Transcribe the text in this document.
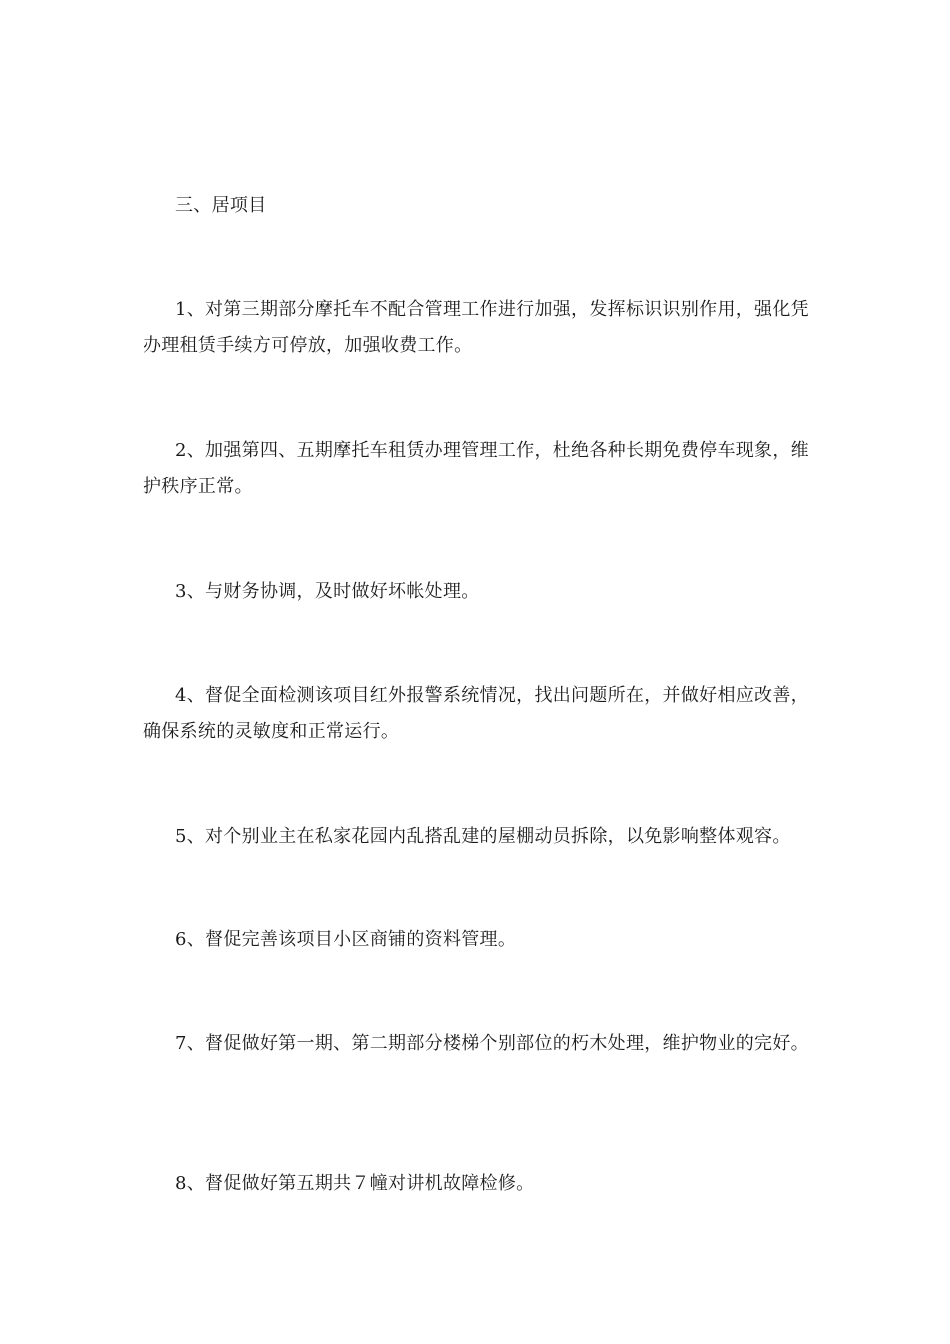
三、居项目

1、对第三期部分摩托车不配合管理工作进行加强，发挥标识识别作用，强化凭办理租赁手续方可停放，加强收费工作。

2、加强第四、五期摩托车租赁办理管理工作，杜绝各种长期免费停车现象，维护秩序正常。

3、与财务协调，及时做好坏帐处理。

4、督促全面检测该项目红外报警系统情况，找出问题所在，并做好相应改善，确保系统的灵敏度和正常运行。

5、对个别业主在私家花园内乱搭乱建的屋棚动员拆除，以免影响整体观容。

6、督促完善该项目小区商铺的资料管理。

7、督促做好第一期、第二期部分楼梯个别部位的朽木处理，维护物业的完好。

8、督促做好第五期共７幢对讲机故障检修。
